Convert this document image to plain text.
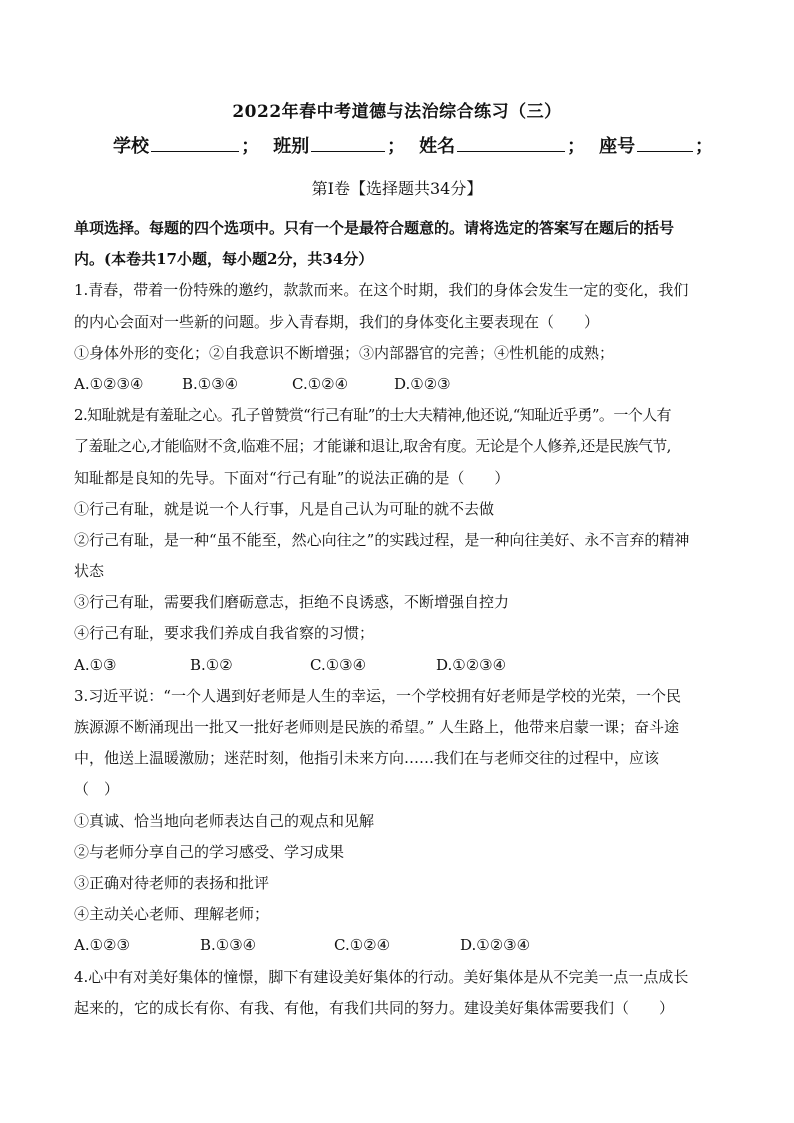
2022年春中考道德与法治综合练习（三）
学校	； 班别	； 姓名	； 座号	；
第Ⅰ卷【选择题共34分】
单项选择。每题的四个选项中。只有一个是最符合题意的。请将选定的答案写在题后的括号
内。(本卷共17小题，每小题2分，共34分）
1.青春，带着一份特殊的邀约，款款而来。在这个时期，我们的身体会发生一定的变化，我们
的内心会面对一些新的问题。步入青春期，我们的身体变化主要表现在（　　）
①身体外形的变化；②自我意识不断增强；③内部器官的完善；④性机能的成熟；
A.①②③④	B.①③④	C.①②④	D.①②③
2.知耻就是有羞耻之心。孔子曾赞赏“行己有耻”的士大夫精神,他还说,“知耻近乎勇”。一个人有
了羞耻之心,才能临财不贪,临难不屈；才能谦和退让,取舍有度。无论是个人修养,还是民族气节,
知耻都是良知的先导。下面对“行己有耻”的说法正确的是（　　）
①行己有耻，就是说一个人行事，凡是自己认为可耻的就不去做
②行己有耻，是一种“虽不能至，然心向往之”的实践过程，是一种向往美好、永不言弃的精神
状态
③行己有耻，需要我们磨砺意志，拒绝不良诱惑，不断增强自控力
④行己有耻，要求我们养成自我省察的习惯；
A.①③	B.①②	C.①③④	D.①②③④
3.习近平说：“一个人遇到好老师是人生的幸运，一个学校拥有好老师是学校的光荣，一个民
族源源不断涌现出一批又一批好老师则是民族的希望。” 人生路上，他带来启蒙一课；奋斗途
中，他送上温暖激励；迷茫时刻，他指引未来方向……我们在与老师交往的过程中，应该
（　）
①真诚、恰当地向老师表达自己的观点和见解
②与老师分享自己的学习感受、学习成果
③正确对待老师的表扬和批评
④主动关心老师、理解老师；
A.①②③	B.①③④	C.①②④	D.①②③④
4.心中有对美好集体的憧憬，脚下有建设美好集体的行动。美好集体是从不完美一点一点成长
起来的，它的成长有你、有我、有他，有我们共同的努力。建设美好集体需要我们（　　）
